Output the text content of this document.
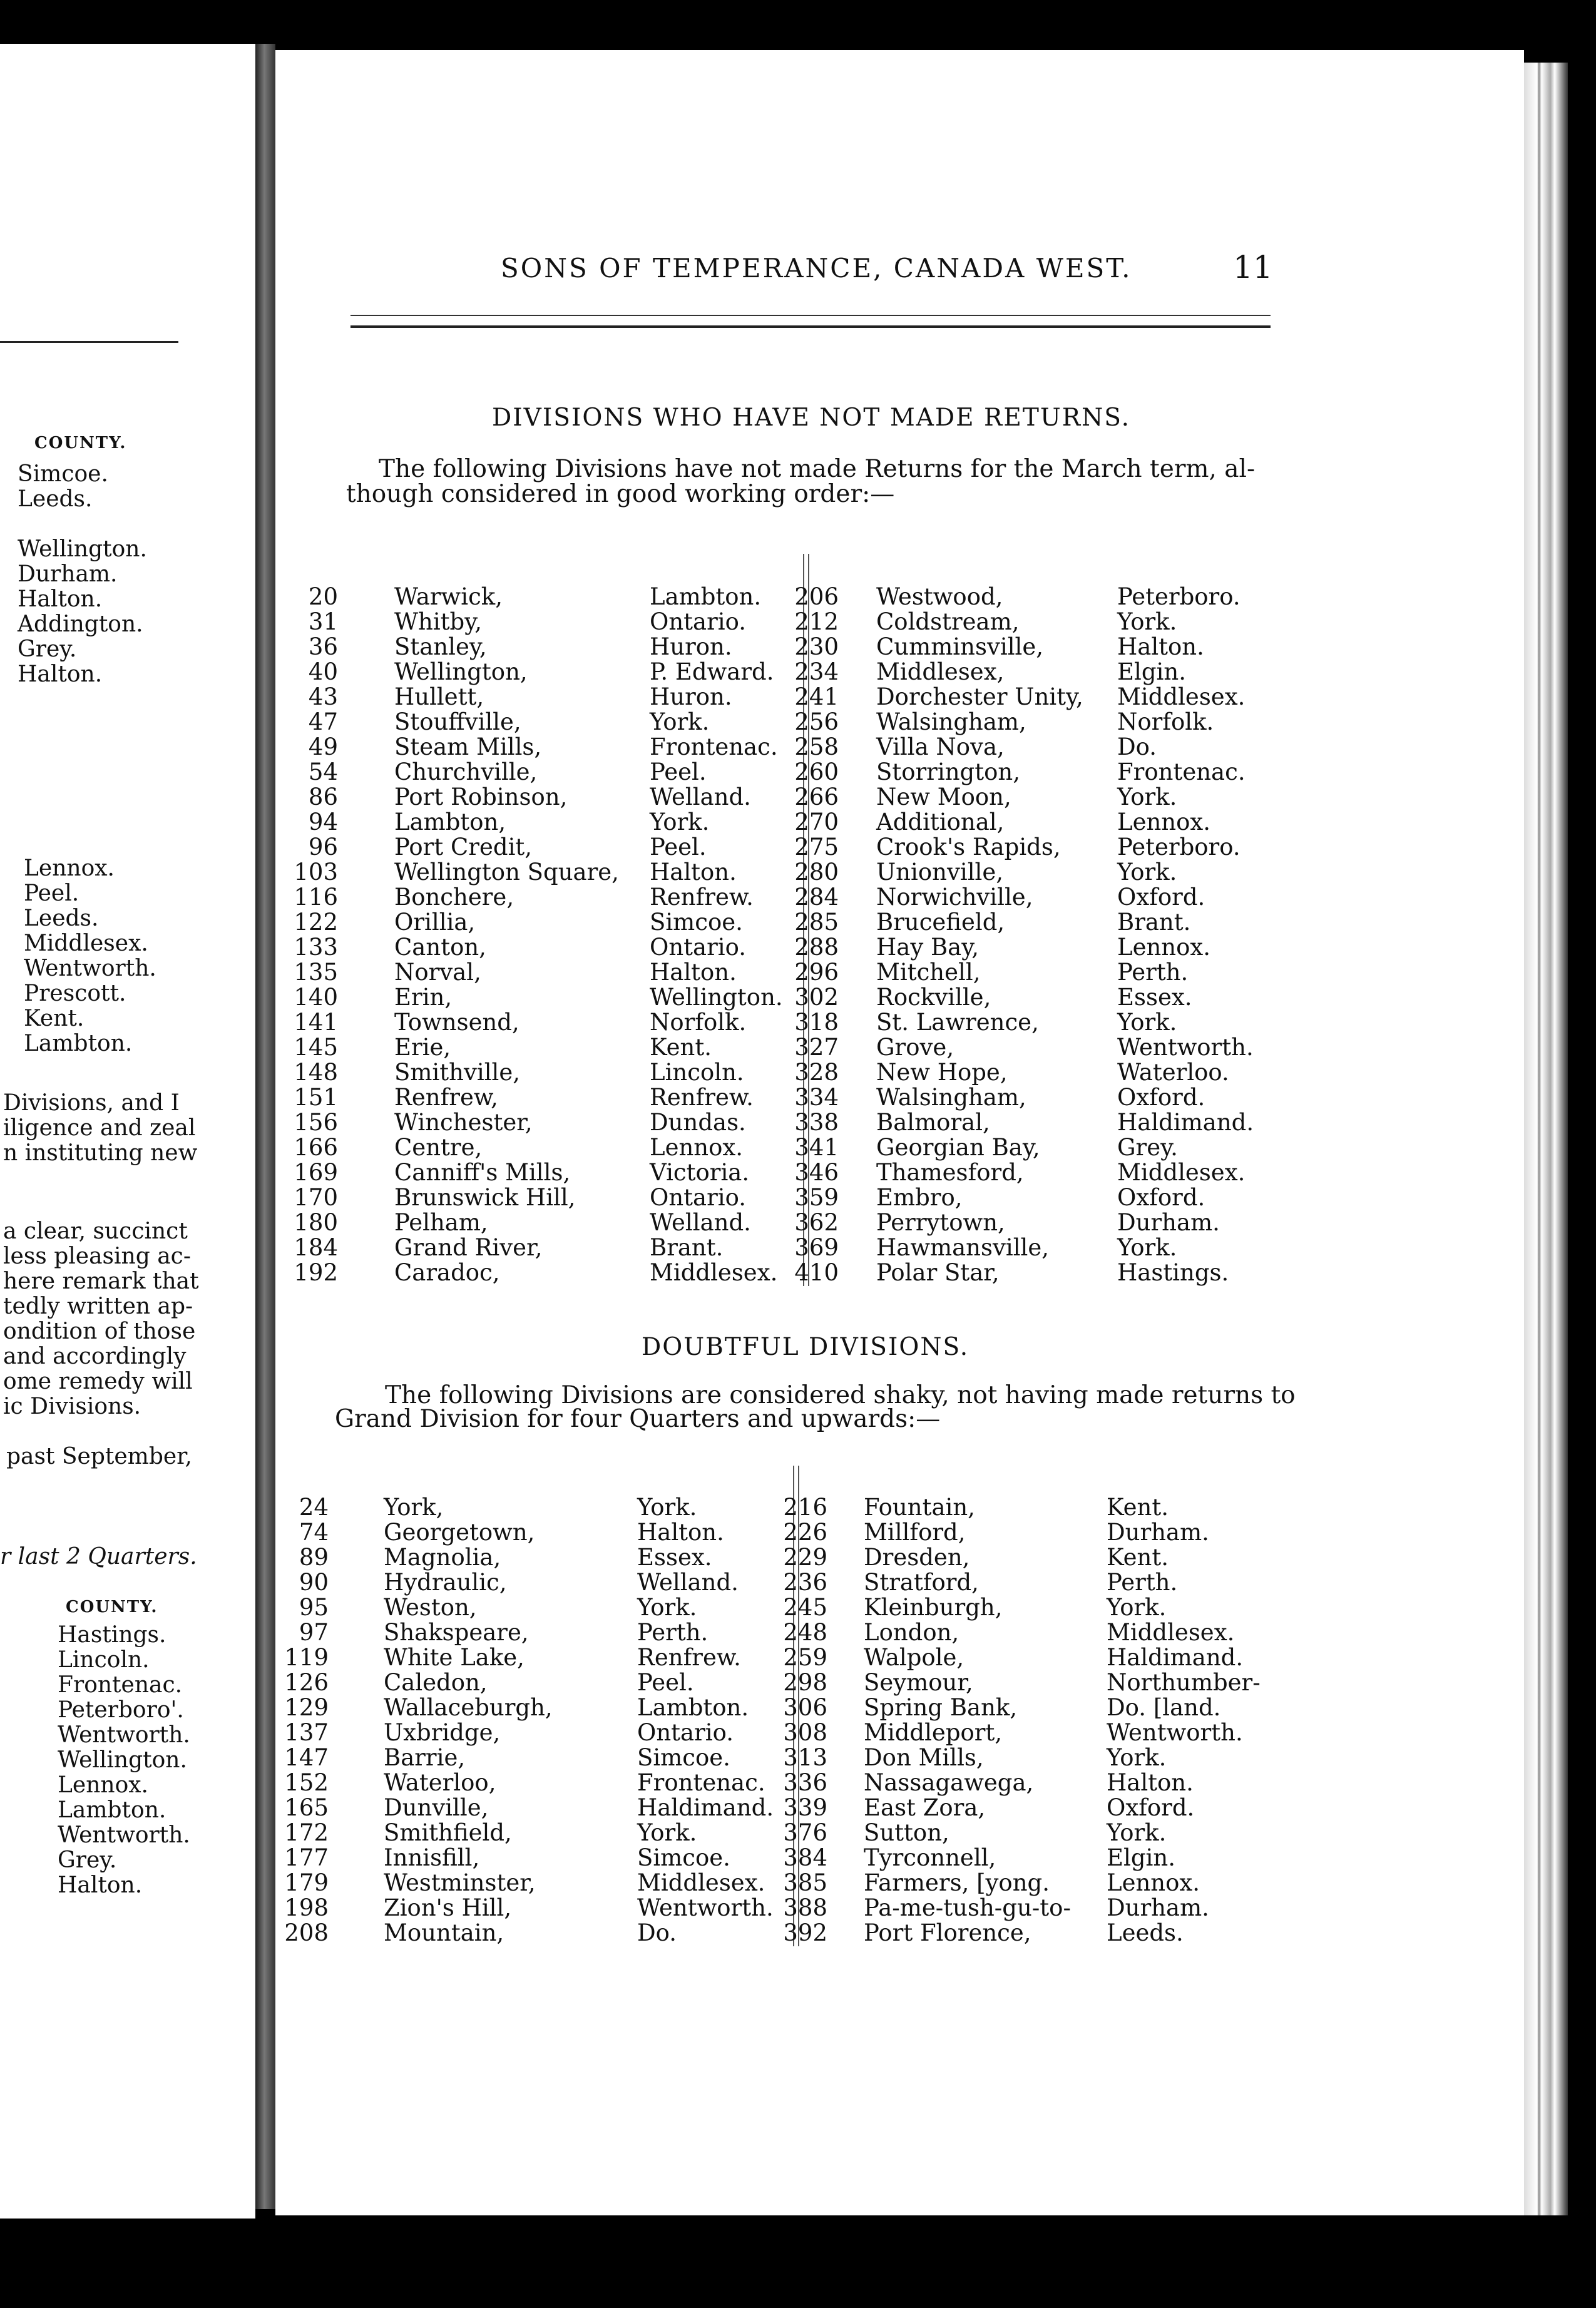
COUNTY.
Simcoe.
Leeds.
Wellington.
Durham.
Halton.
Addington.
Grey.
Halton.
Lennox.
Peel.
Leeds.
Middlesex.
Wentworth.
Prescott.
Kent.
Lambton.
Divisions, and I
iligence and zeal
n instituting new
a clear, succinct
less pleasing ac-
here remark that
tedly written ap-
ondition of those
and accordingly
ome remedy will
ic Divisions.
past September,
r last 2 Quarters.
COUNTY.
Hastings.
Lincoln.
Frontenac.
Peterboro'.
Wentworth.
Wellington.
Lennox.
Lambton.
Wentworth.
Grey.
Halton.
SONS OF TEMPERANCE, CANADA WEST.	11
DIVISIONS WHO HAVE NOT MADE RETURNS.
The following Divisions have not made Returns for the March term, al-
though considered in good working order:—
20 Warwick,	Lambton.
31 Whitby,	Ontario.
36 Stanley,	Huron.
40 Wellington,	P. Edward.
43 Hullett,	Huron.
47 Stouffville,	York.
49 Steam Mills,	Frontenac.
54 Churchville,	Peel.
86 Port Robinson,	Welland.
94 Lambton,	York.
96 Port Credit,	Peel.
103 Wellington Square, Halton.
116 Bonchere,	Renfrew.
122 Orillia,	Simcoe.
133 Canton,	Ontario.
135 Norval,	Halton.
140 Erin,	Wellington.
141 Townsend,	Norfolk.
145 Erie,	Kent.
148 Smithville,	Lincoln.
151 Renfrew,	Renfrew.
156 Winchester,	Dundas.
166 Centre,	Lennox.
169 Canniff's Mills,	Victoria.
170 Brunswick Hill,	Ontario.
180 Pelham,	Welland.
184 Grand River,	Brant.
192 Caradoc,	Middlesex.
206 Westwood,	Peterboro.
212 Coldstream,	York.
230 Cumminsville,	Halton.
234 Middlesex,	Elgin.
241 Dorchester Unity, Middlesex.
256 Walsingham,	Norfolk.
258 Villa Nova,	Do.
260 Storrington,	Frontenac.
266 New Moon,	York.
270 Additional,	Lennox.
275 Crook's Rapids, Peterboro.
280 Unionville,	York.
284 Norwichville,	Oxford.
285 Brucefield,	Brant.
288 Hay Bay,	Lennox.
296 Mitchell,	Perth.
302 Rockville,	Essex.
318 St. Lawrence,	York.
327 Grove,	Wentworth.
328 New Hope,	Waterloo.
334 Walsingham,	Oxford.
338 Balmoral,	Haldimand.
341 Georgian Bay,	Grey.
346 Thamesford,	Middlesex.
359 Embro,	Oxford.
362 Perrytown,	Durham.
369 Hawmansville,	York.
410 Polar Star,	Hastings.
DOUBTFUL DIVISIONS.
The following Divisions are considered shaky, not having made returns to
Grand Division for four Quarters and upwards:—
24 York,	York.
74 Georgetown,	Halton.
89 Magnolia,	Essex.
90 Hydraulic,	Welland.
95 Weston,	York.
97 Shakspeare,	Perth.
119 White Lake,	Renfrew.
126 Caledon,	Peel.
129 Wallaceburgh,	Lambton.
137 Uxbridge,	Ontario.
147 Barrie,	Simcoe.
152 Waterloo,	Frontenac.
165 Dunville,	Haldimand.
172 Smithfield,	York.
177 Innisfill,	Simcoe.
179 Westminster,	Middlesex.
198 Zion's Hill,	Wentworth.
208 Mountain,	Do.
216 Fountain,	Kent.
226 Millford,	Durham.
229 Dresden,	Kent.
236 Stratford,	Perth.
245 Kleinburgh,	York.
248 London,	Middlesex.
259 Walpole,	Haldimand.
298 Seymour,	Northumber-
306 Spring Bank,	Do. [land.
308 Middleport,	Wentworth.
313 Don Mills,	York.
336 Nassagawega,	Halton.
339 East Zora,	Oxford.
376 Sutton,	York.
384 Tyrconnell,	Elgin.
385 Farmers, [yong. Lennox.
388 Pa-me-tush-gu-to- Durham.
392 Port Florence,	Leeds.
